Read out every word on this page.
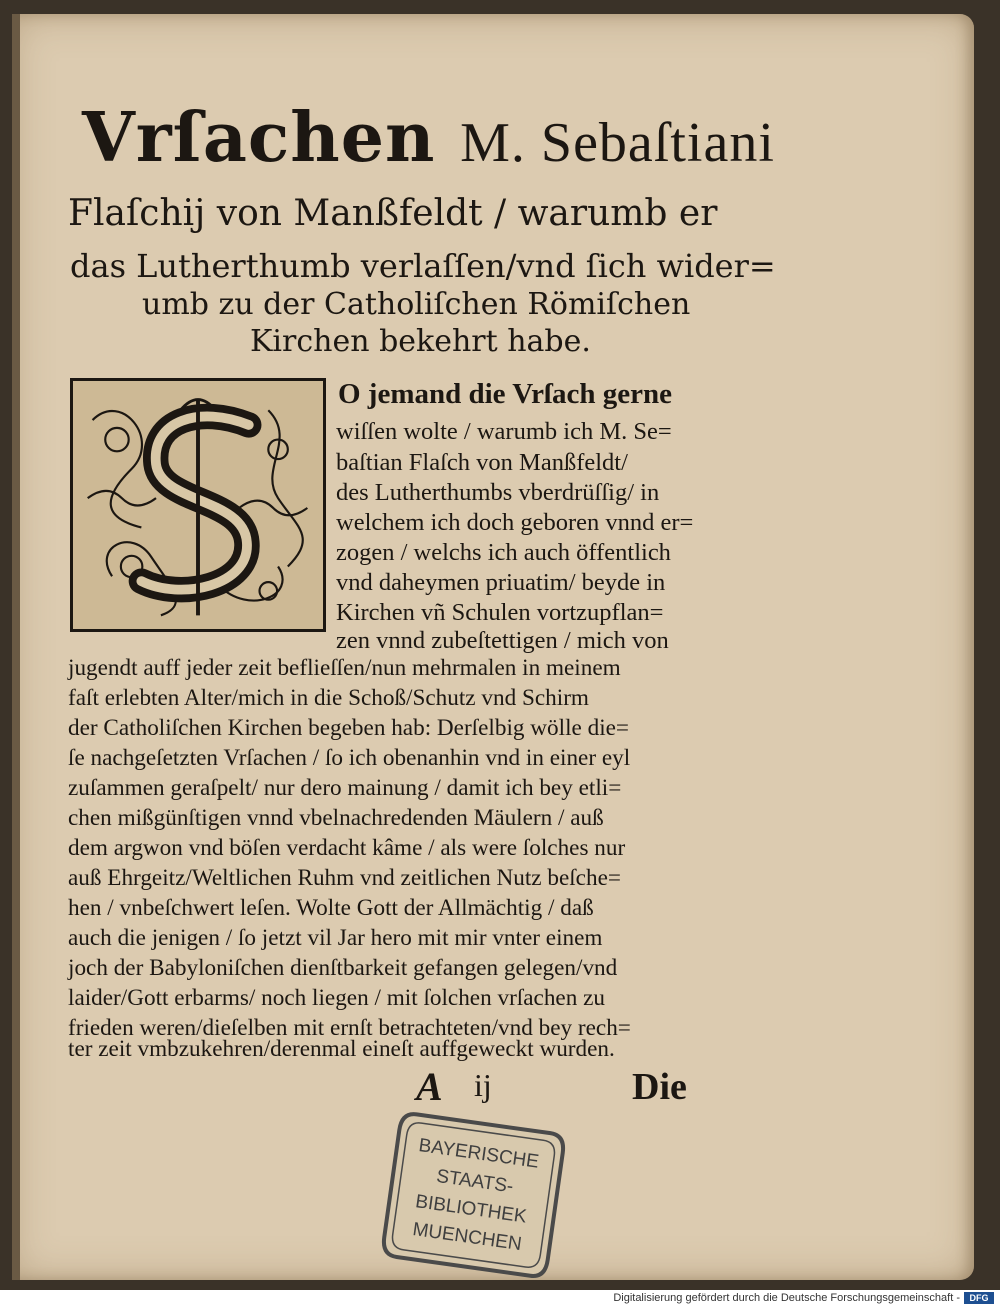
Vrſachen M. Sebaſtiani
Flaſchij von Manßfeldt / warumb er
das Lutherthumb verlaſſen/vnd ſich wider=
umb zu der Catholiſchen Römiſchen
Kirchen bekehrt habe.
O jemand die Vrſach gerne
wiſſen wolte / warumb ich M. Se=
baſtian Flaſch von Manßfeldt/
des Lutherthumbs vberdrüſſig/ in
welchem ich doch geboren vnnd er=
zogen / welchs ich auch öffentlich
vnd daheymen priuatim/ beyde in
Kirchen vñ Schulen vortzupflan=
zen vnnd zubeſtettigen / mich von
jugendt auff jeder zeit beflieſſen/nun mehrmalen in meinem
faſt erlebten Alter/mich in die Schoß/Schutz vnd Schirm
der Catholiſchen Kirchen begeben hab: Derſelbig wölle die=
ſe nachgeſetzten Vrſachen / ſo ich obenanhin vnd in einer eyl
zuſammen geraſpelt/ nur dero mainung / damit ich bey etli=
chen mißgünſtigen vnnd vbelnachredenden Mäulern / auß
dem argwon vnd böſen verdacht kâme / als were ſolches nur
auß Ehrgeitz/Weltlichen Ruhm vnd zeitlichen Nutz beſche=
hen / vnbeſchwert leſen. Wolte Gott der Allmächtig / daß
auch die jenigen / ſo jetzt vil Jar hero mit mir vnter einem
joch der Babyloniſchen dienſtbarkeit gefangen gelegen/vnd
laider/Gott erbarms/ noch liegen / mit ſolchen vrſachen zu
frieden weren/dieſelben mit ernſt betrachteten/vnd bey rech=
ter zeit vmbzukehren/derenmal eineſt auffgeweckt wurden.
A ij	Die
BAYERISCHE
STAATS-
BIBLIOTHEK
MUENCHEN
Digitalisierung gefördert durch die Deutsche Forschungsgemeinschaft -	DFG
